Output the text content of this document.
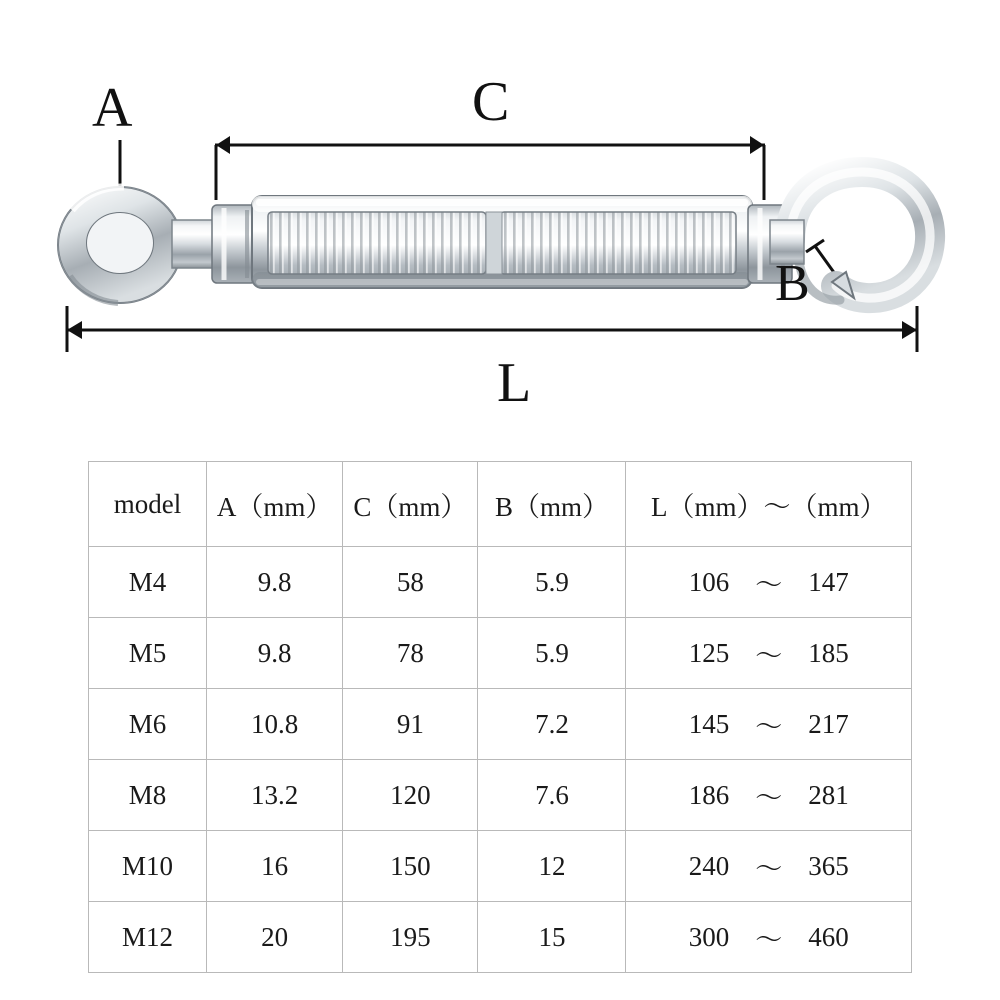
A	C
B
L
model	A（mm）	C（mm）	B（mm）	L（mm）～（mm）
M4	9.8	58	5.9	106 ～ 147

M5	9.8	78	5.9	125 ～ 185

M6	10.8	91	7.2	145 ～ 217

M8	13.2	120	7.6	186 ～ 281

M10	16	150	12	240 ～ 365

M12	20	195	15	300 ～ 460
